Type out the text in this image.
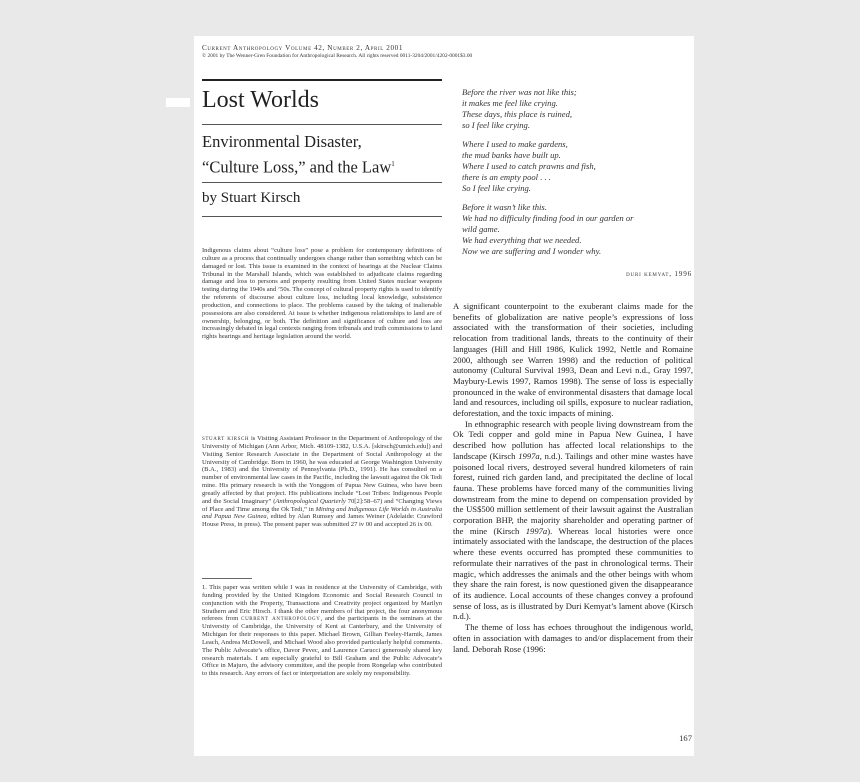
Current Anthropology Volume 42, Number 2, April 2001
© 2001 by The Wenner-Gren Foundation for Anthropological Research. All rights reserved 0011-3204/2001/4202-0001$3.00
Lost Worlds
Environmental Disaster,
“Culture Loss,” and the Law$^1$
by Stuart Kirsch
Indigenous claims about “culture loss” pose a problem for contemporary definitions of culture as a process that continually undergoes change rather than something which can be damaged or lost. This issue is examined in the context of hearings at the Nuclear Claims Tribunal in the Marshall Islands, which was established to adjudicate claims regarding damage and loss to persons and property resulting from United States nuclear weapons testing during the 1940s and ’50s. The concept of cultural property rights is used to identify the referents of discourse about culture loss, including local knowledge, subsistence production, and connections to place. The problems caused by the taking of inalienable possessions are also considered. At issue is whether indigenous relationships to land are of ownership, belonging, or both. The definition and significance of culture and loss are increasingly debated in legal contexts ranging from tribunals and truth commissions to land rights hearings and heritage legislation around the world.
stuart kirsch is Visiting Assistant Professor in the Department of Anthropology of the University of Michigan (Ann Arbor, Mich. 48109-1382, U.S.A. [skirsch@umich.edu]) and Visiting Senior Research Associate in the Department of Social Anthropology at the University of Cambridge. Born in 1960, he was educated at George Washington University (B.A., 1983) and the University of Pennsylvania (Ph.D., 1991). He has consulted on a number of environmental law cases in the Pacific, including the lawsuit against the Ok Tedi mine. His primary research is with the Yonggom of Papua New Guinea, who have been greatly affected by that project. His publications include “Lost Tribes: Indigenous People and the Social Imaginary” (Anthropological Quarterly 70[2]:58–67) and “Changing Views of Place and Time among the Ok Tedi,” in Mining and Indigenous Life Worlds in Australia and Papua New Guinea, edited by Alan Rumsey and James Weiner (Adelaide: Crawford House Press, in press). The present paper was submitted 27 iv 00 and accepted 26 ix 00.
1. This paper was written while I was in residence at the University of Cambridge, with funding provided by the United Kingdom Economic and Social Research Council in conjunction with the Property, Transactions and Creativity project organized by Marilyn Strathern and Eric Hirsch. I thank the other members of that project, the four anonymous referees from current anthropology, and the participants in the seminars at the University of Cambridge, the University of Kent at Canterbury, and the University of Michigan for their responses to this paper. Michael Brown, Gillian Feeley-Harnik, James Leach, Andrea McDowell, and Michael Wood also provided particularly helpful comments. The Public Advocate’s office, Davor Pevec, and Laurence Carucci generously shared key research materials. I am especially grateful to Bill Graham and the Public Advocate’s Office in Majuro, the advisory committee, and the people from Rongelap who contributed to this research. Any errors of fact or interpretation are solely my responsibility.
Before the river was not like this;
it makes me feel like crying.
These days, this place is ruined,
so I feel like crying.
Where I used to make gardens,
the mud banks have built up.
Where I used to catch prawns and fish,
there is an empty pool . . .
So I feel like crying.
Before it wasn’t like this.
We had no difficulty finding food in our garden or
wild game.
We had everything that we needed.
Now we are suffering and I wonder why.
duri kemyat, 1996

A significant counterpoint to the exuberant claims made for the benefits of globalization are native people’s expressions of loss associated with the transformation of their societies, including relocation from traditional lands, threats to the continuity of their languages (Hill and Hill 1986, Kulick 1992, Nettle and Romaine 2000, although see Warren 1998) and the reduction of political autonomy (Cultural Survival 1993, Dean and Levi n.d., Gray 1997, Maybury-Lewis 1997, Ramos 1998). The sense of loss is especially pronounced in the wake of environmental disasters that damage local land and resources, including oil spills, exposure to nuclear radiation, deforestation, and the toxic impacts of mining.

In ethnographic research with people living downstream from the Ok Tedi copper and gold mine in Papua New Guinea, I have described how pollution has affected local relationships to the landscape (Kirsch 1997a, n.d.). Tailings and other mine wastes have poisoned local rivers, destroyed several hundred kilometers of rain forest, ruined rich garden land, and precipitated the decline of local fauna. These problems have forced many of the communities living downstream from the mine to depend on compensation provided by the US$500 million settlement of their lawsuit against the Australian corporation BHP, the majority shareholder and operating partner of the mine (Kirsch 1997a). Whereas local histories were once intimately associated with the landscape, the destruction of the places where these events occurred has prompted these communities to reformulate their narratives of the past in chronological terms. Their magic, which addresses the animals and the other beings with whom they share the rain forest, is now questioned given the disappearance of its audience. Local accounts of these changes convey a profound sense of loss, as is illustrated by Duri Kemyat’s lament above (Kirsch n.d.).

The theme of loss has echoes throughout the indigenous world, often in association with damages to and/or displacement from their land. Deborah Rose (1996:

167
